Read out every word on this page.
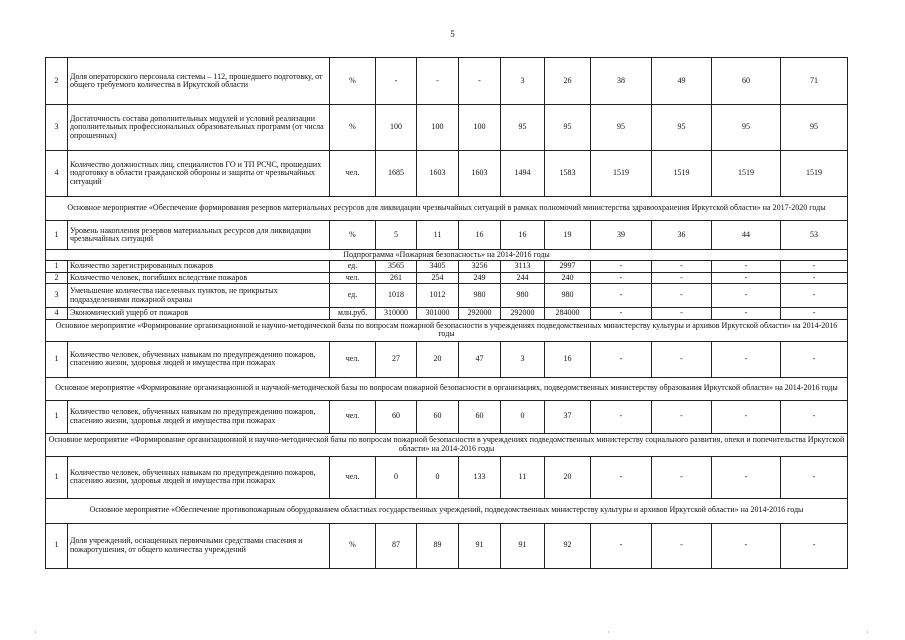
5
2	Доля операторского персонала системы – 112, прошедшего подготовку, от общего требуемого количества в Иркутской области	%	-	-	-	3	26	38	49	60	71
3	Достаточность состава дополнительных модулей и условий реализации дополнительных профессиональных образовательных программ (от числа опрошенных)	%	100	100	100	95	95	95	95	95	95
4	Количество должностных лиц, специалистов ГО и ТП РСЧС, прошедших подготовку в области гражданской обороны и защиты от чрезвычайных ситуаций	чел.	1685	1603	1603	1494	1583	1519	1519	1519	1519
Основное мероприятие «Обеспечение формирования резервов материальных ресурсов для ликвидации чрезвычайных ситуаций в рамках полномочий министерства здравоохранения Иркутской области» на 2017-2020 годы											
1	Уровень накопления резервов материальных ресурсов для ликвидации чрезвычайных ситуаций	%	5	11	16	16	19	39	36	44	53
Подпрограмма «Пожарная безопасность» на 2014-2016 годы											
1	Количество зарегистрированных пожаров	ед.	3565	3405	3256	3113	2997	-	-	-	-
2	Количество человек, погибших вследствие пожаров	чел.	261	254	249	244	240	-	-	-	-
3	Уменьшение количества населенных пунктов, не прикрытых подразделениями пожарной охраны	ед.	1018	1012	980	980	980	-	-	-	-
4	Экономический ущерб от пожаров	млн.руб.	310000	301000	292000	292000	284000	-	-	-	-
Основное мероприятие «Формирование организационной и научно-методической базы по вопросам пожарной безопасности в учреждениях подведомственных министерству культуры и архивов Иркутской области» на 2014-2016 годы											
1	Количество человек, обученных навыкам по предупреждению пожаров, спасению жизни, здоровья людей и имущества при пожарах	чел.	27	20	47	3	16	-	-	-	-
Основное мероприятие «Формирование организационной и научной-методической базы по вопросам пожарной безопасности в организациях, подведомственных министерству образования Иркутской области» на 2014-2016 годы											
1	Количество человек, обученных навыкам по предупреждению пожаров, спасению жизни, здоровья людей и имущества при пожарах	чел.	60	60	60	0	37	-	-	-	-
Основное мероприятие «Формирование организационной и научно-методической базы по вопросам пожарной безопасности в учреждениях подведомственных министерству социального развития, опеки и попечительства Иркутской области» на 2014-2016 годы											
1	Количество человек, обученных навыкам по предупреждению пожаров, спасению жизни, здоровья людей и имущества при пожарах	чел.	0	0	133	11	20	-	-	-	-
Основное мероприятие «Обеспечение противопожарным оборудованием областных государственных учреждений, подведомственных министерству культуры и архивов Иркутской области» на 2014-2016 годы											
1	Доля учреждений, оснащенных первичными средствами спасения и пожаротушения, от общего количества учреждений	%	87	89	91	91	92	-	-	-	-
·	·	·
